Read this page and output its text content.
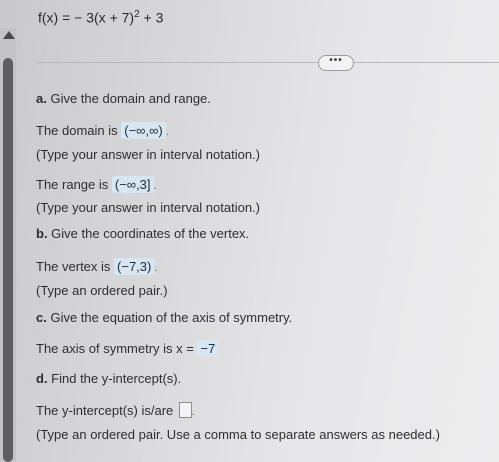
f(x) = − $3(x + 7)^2 + 3$
•••
a. Give the domain and range.
The domain is (−∞,∞) .
(Type your answer in interval notation.)
The range is (−∞,3] .
(Type your answer in interval notation.)
b. Give the coordinates of the vertex.
The vertex is (−7,3) .
(Type an ordered pair.)
c. Give the equation of the axis of symmetry.
The axis of symmetry is x = −7
d. Find the y-intercept(s).
The y-intercept(s) is/are .
(Type an ordered pair. Use a comma to separate answers as needed.)
